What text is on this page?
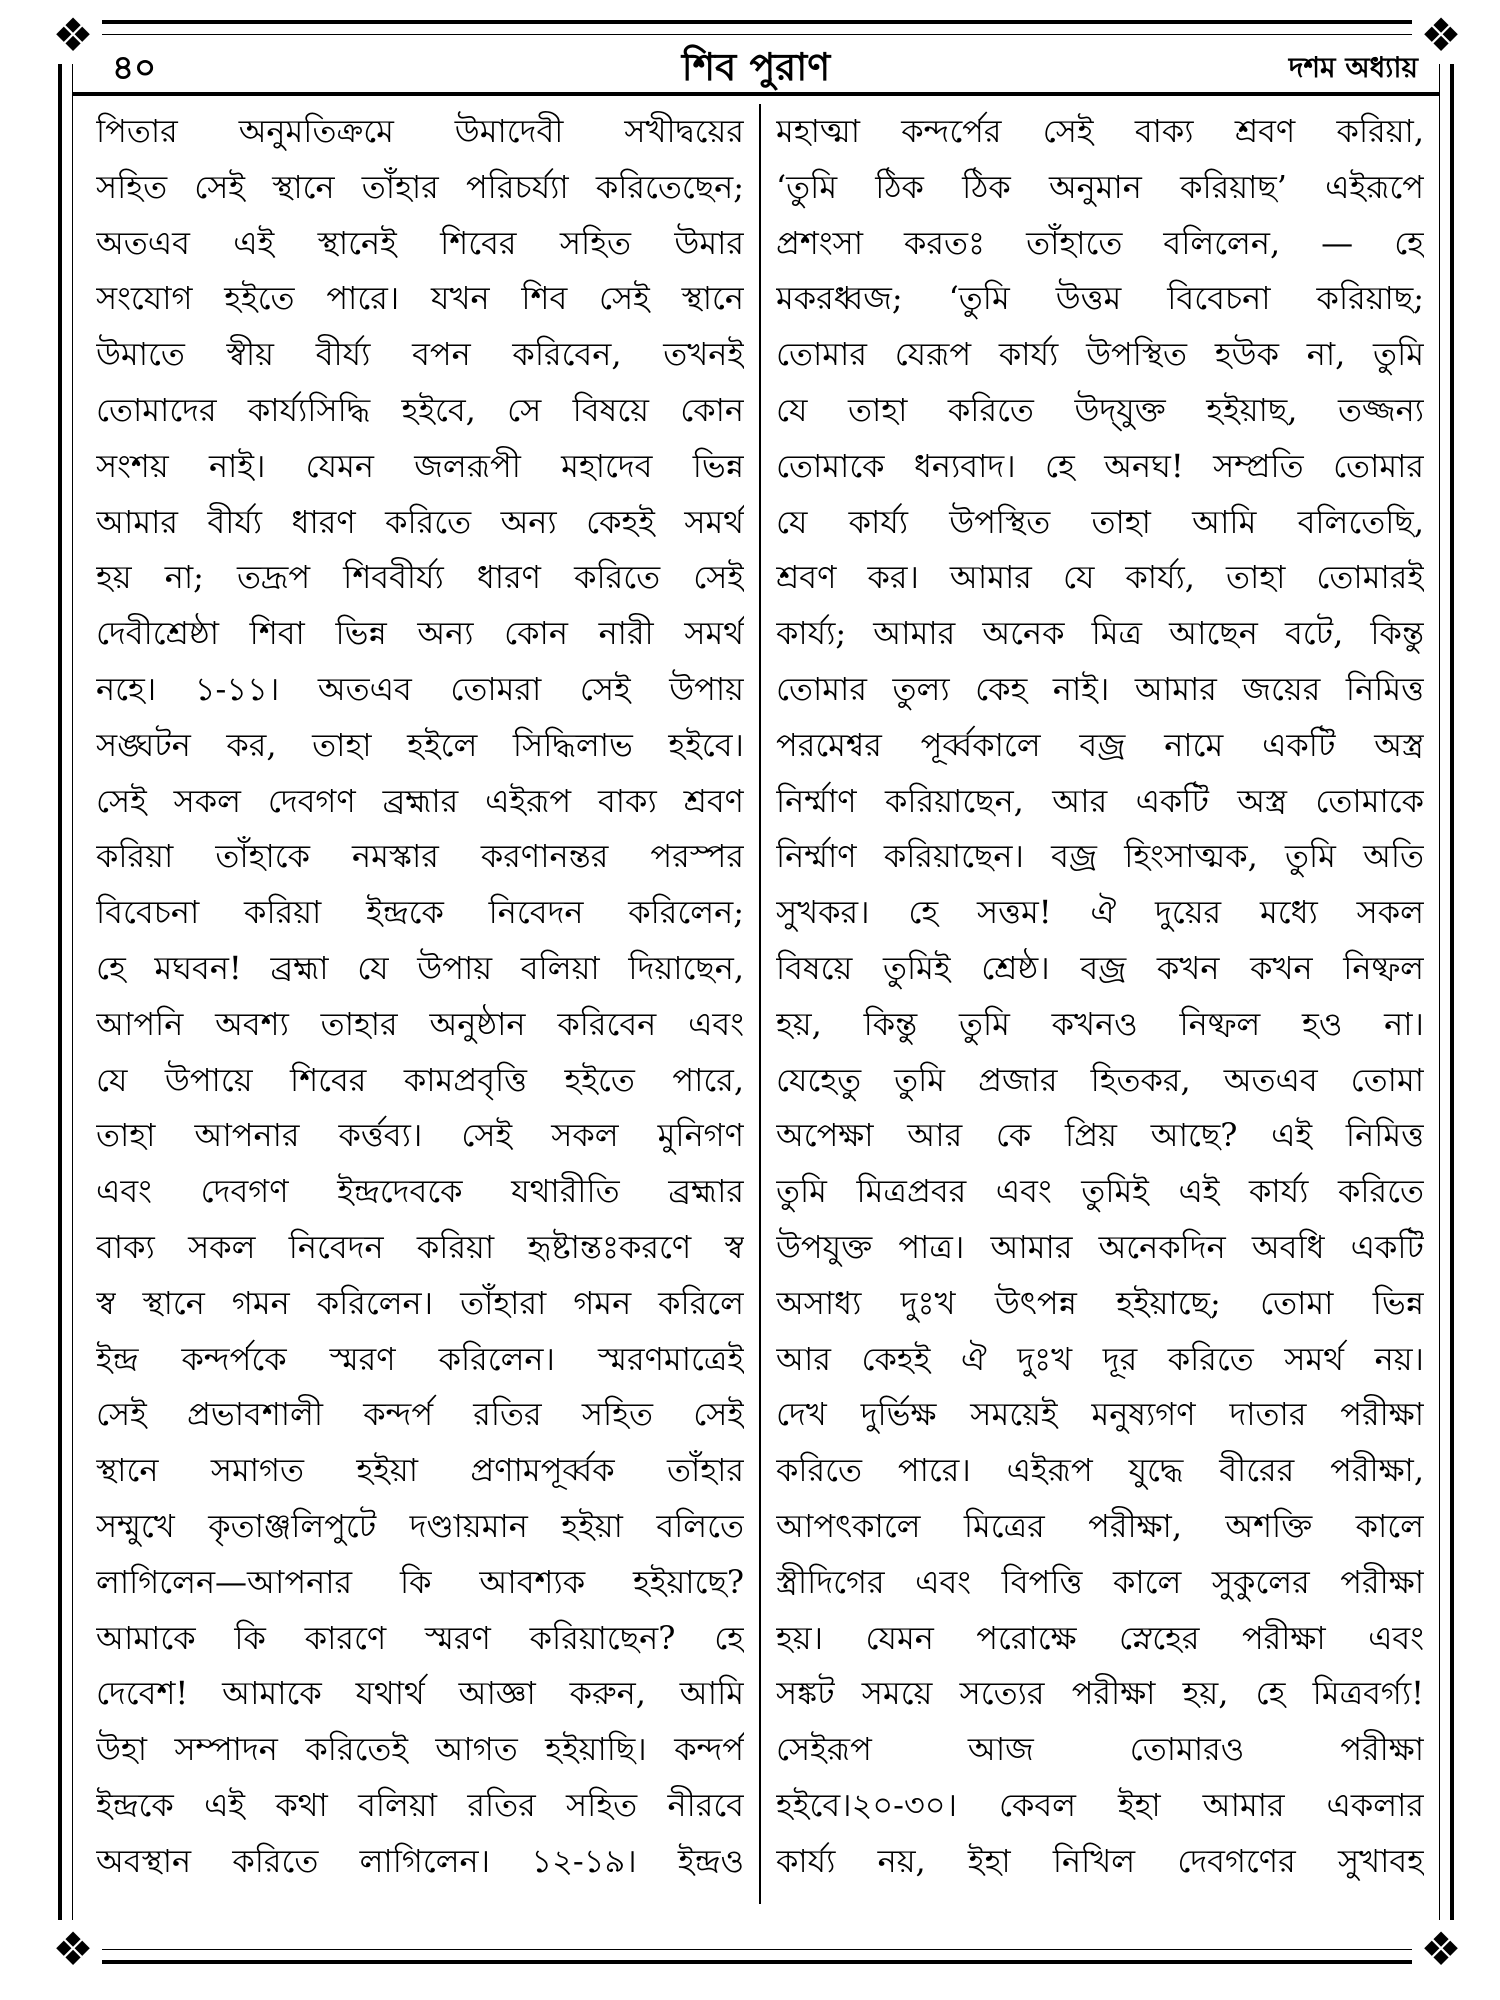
❖	❖
❖	❖
৪০	শিব পুরাণ	দশম অধ্যায়
পিতার অনুমতিক্রমে উমাদেবী সখীদ্বয়ের
সহিত সেই স্থানে তাঁহার পরিচর্য্যা করিতেছেন;
অতএব এই স্থানেই শিবের সহিত উমার
সংযোগ হইতে পারে। যখন শিব সেই স্থানে
উমাতে স্বীয় বীর্য্য বপন করিবেন, তখনই
তোমাদের কার্য্যসিদ্ধি হইবে, সে বিষয়ে কোন
সংশয় নাই। যেমন জলরূপী মহাদেব ভিন্ন
আমার বীর্য্য ধারণ করিতে অন্য কেহই সমর্থ
হয় না; তদ্রূপ শিববীর্য্য ধারণ করিতে সেই
দেবীশ্রেষ্ঠা শিবা ভিন্ন অন্য কোন নারী সমর্থ
নহে। ১-১১। অতএব তোমরা সেই উপায়
সঙ্ঘটন কর, তাহা হইলে সিদ্ধিলাভ হইবে।
সেই সকল দেবগণ ব্রহ্মার এইরূপ বাক্য শ্রবণ
করিয়া তাঁহাকে নমস্কার করণানন্তর পরস্পর
বিবেচনা করিয়া ইন্দ্রকে নিবেদন করিলেন;
হে মঘবন! ব্রহ্মা যে উপায় বলিয়া দিয়াছেন,
আপনি অবশ্য তাহার অনুষ্ঠান করিবেন এবং
যে উপায়ে শিবের কামপ্রবৃত্তি হইতে পারে,
তাহা আপনার কর্ত্তব্য। সেই সকল মুনিগণ
এবং দেবগণ ইন্দ্রদেবকে যথারীতি ব্রহ্মার
বাক্য সকল নিবেদন করিয়া হৃষ্টান্তঃকরণে স্ব
স্ব স্থানে গমন করিলেন। তাঁহারা গমন করিলে
ইন্দ্র কন্দর্পকে স্মরণ করিলেন। স্মরণমাত্রেই
সেই প্রভাবশালী কন্দর্প রতির সহিত সেই
স্থানে সমাগত হইয়া প্রণামপূর্ব্বক তাঁহার
সম্মুখে কৃতাঞ্জলিপুটে দণ্ডায়মান হইয়া বলিতে
লাগিলেন—আপনার কি আবশ্যক হইয়াছে?
আমাকে কি কারণে স্মরণ করিয়াছেন? হে
দেবেশ! আমাকে যথার্থ আজ্ঞা করুন, আমি
উহা সম্পাদন করিতেই আগত হইয়াছি। কন্দর্প
ইন্দ্রকে এই কথা বলিয়া রতির সহিত নীরবে
অবস্থান করিতে লাগিলেন। ১২-১৯। ইন্দ্রও
মহাত্মা কন্দর্পের সেই বাক্য শ্রবণ করিয়া,
‘তুমি ঠিক ঠিক অনুমান করিয়াছ’ এইরূপে
প্রশংসা করতঃ তাঁহাতে বলিলেন, — হে
মকরধ্বজ; ‘তুমি উত্তম বিবেচনা করিয়াছ;
তোমার যেরূপ কার্য্য উপস্থিত হউক না, তুমি
যে তাহা করিতে উদ্‌যুক্ত হইয়াছ, তজ্জন্য
তোমাকে ধন্যবাদ। হে অনঘ! সম্প্রতি তোমার
যে কার্য্য উপস্থিত তাহা আমি বলিতেছি,
শ্রবণ কর। আমার যে কার্য্য, তাহা তোমারই
কার্য্য; আমার অনেক মিত্র আছেন বটে, কিন্তু
তোমার তুল্য কেহ নাই। আমার জয়ের নিমিত্ত
পরমেশ্বর পূর্ব্বকালে বজ্র নামে একটি অস্ত্র
নির্ম্মাণ করিয়াছেন, আর একটি অস্ত্র তোমাকে
নির্ম্মাণ করিয়াছেন। বজ্র হিংসাত্মক, তুমি অতি
সুখকর। হে সত্তম! ঐ দুয়ের মধ্যে সকল
বিষয়ে তুমিই শ্রেষ্ঠ। বজ্র কখন কখন নিষ্ফল
হয়, কিন্তু তুমি কখনও নিষ্ফল হও না।
যেহেতু তুমি প্রজার হিতকর, অতএব তোমা
অপেক্ষা আর কে প্রিয় আছে? এই নিমিত্ত
তুমি মিত্রপ্রবর এবং তুমিই এই কার্য্য করিতে
উপযুক্ত পাত্র। আমার অনেকদিন অবধি একটি
অসাধ্য দুঃখ উৎপন্ন হইয়াছে; তোমা ভিন্ন
আর কেহই ঐ দুঃখ দূর করিতে সমর্থ নয়।
দেখ দুর্ভিক্ষ সময়েই মনুষ্যগণ দাতার পরীক্ষা
করিতে পারে। এইরূপ যুদ্ধে বীরের পরীক্ষা,
আপৎকালে মিত্রের পরীক্ষা, অশক্তি কালে
স্ত্রীদিগের এবং বিপত্তি কালে সুকুলের পরীক্ষা
হয়। যেমন পরোক্ষে স্নেহের পরীক্ষা এবং
সঙ্কট সময়ে সত্যের পরীক্ষা হয়, হে মিত্রবর্গ্য!
সেইরূপ আজ তোমারও পরীক্ষা
হইবে।২০-৩০। কেবল ইহা আমার একলার
কার্য্য নয়, ইহা নিখিল দেবগণের সুখাবহ
